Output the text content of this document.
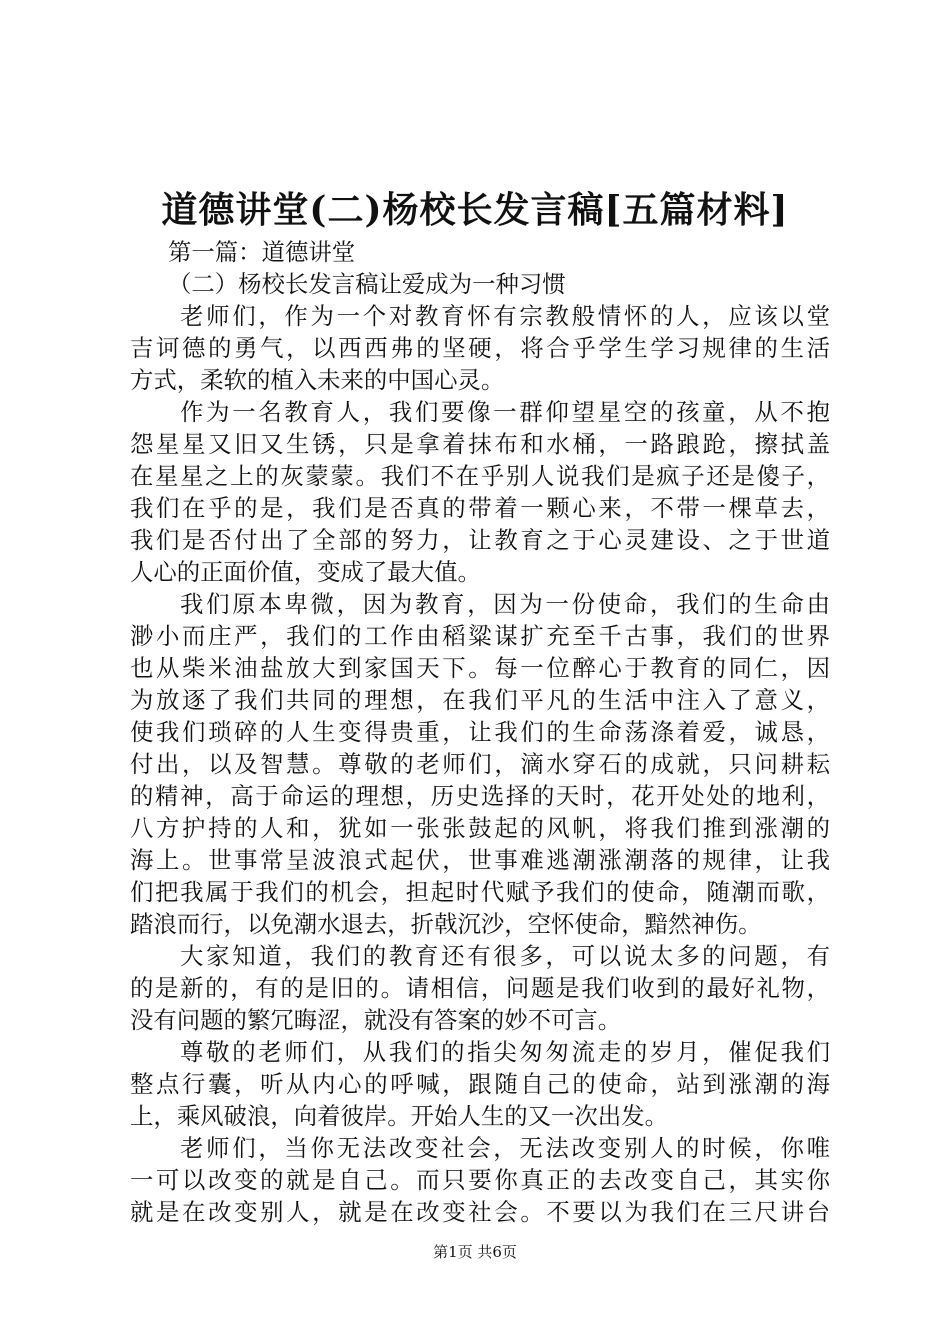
道德讲堂(二)杨校长发言稿[五篇材料]
第一篇：道德讲堂
（二）杨校长发言稿让爱成为一种习惯
老师们，作为一个对教育怀有宗教般情怀的人，应该以堂
吉诃德的勇气，以西西弗的坚硬，将合乎学生学习规律的生活
方式，柔软的植入未来的中国心灵。
作为一名教育人，我们要像一群仰望星空的孩童，从不抱
怨星星又旧又生锈，只是拿着抹布和水桶，一路踉跄，擦拭盖
在星星之上的灰蒙蒙。我们不在乎别人说我们是疯子还是傻子，
我们在乎的是，我们是否真的带着一颗心来，不带一棵草去，
我们是否付出了全部的努力，让教育之于心灵建设、之于世道
人心的正面价值，变成了最大值。
我们原本卑微，因为教育，因为一份使命，我们的生命由
渺小而庄严，我们的工作由稻粱谋扩充至千古事，我们的世界
也从柴米油盐放大到家国天下。每一位醉心于教育的同仁，因
为放逐了我们共同的理想，在我们平凡的生活中注入了意义，
使我们琐碎的人生变得贵重，让我们的生命荡涤着爱，诚恳，
付出，以及智慧。尊敬的老师们，滴水穿石的成就，只问耕耘
的精神，高于命运的理想，历史选择的天时，花开处处的地利，
八方护持的人和，犹如一张张鼓起的风帆，将我们推到涨潮的
海上。世事常呈波浪式起伏，世事难逃潮涨潮落的规律，让我
们把我属于我们的机会，担起时代赋予我们的使命，随潮而歌，
踏浪而行，以免潮水退去，折戟沉沙，空怀使命，黯然神伤。
大家知道，我们的教育还有很多，可以说太多的问题，有
的是新的，有的是旧的。请相信，问题是我们收到的最好礼物，
没有问题的繁冗晦涩，就没有答案的妙不可言。
尊敬的老师们，从我们的指尖匆匆流走的岁月，催促我们
整点行囊，听从内心的呼喊，跟随自己的使命，站到涨潮的海
上，乘风破浪，向着彼岸。开始人生的又一次出发。
老师们，当你无法改变社会，无法改变别人的时候，你唯
一可以改变的就是自己。而只要你真正的去改变自己，其实你
就是在改变别人，就是在改变社会。不要以为我们在三尺讲台
第1页 共6页
